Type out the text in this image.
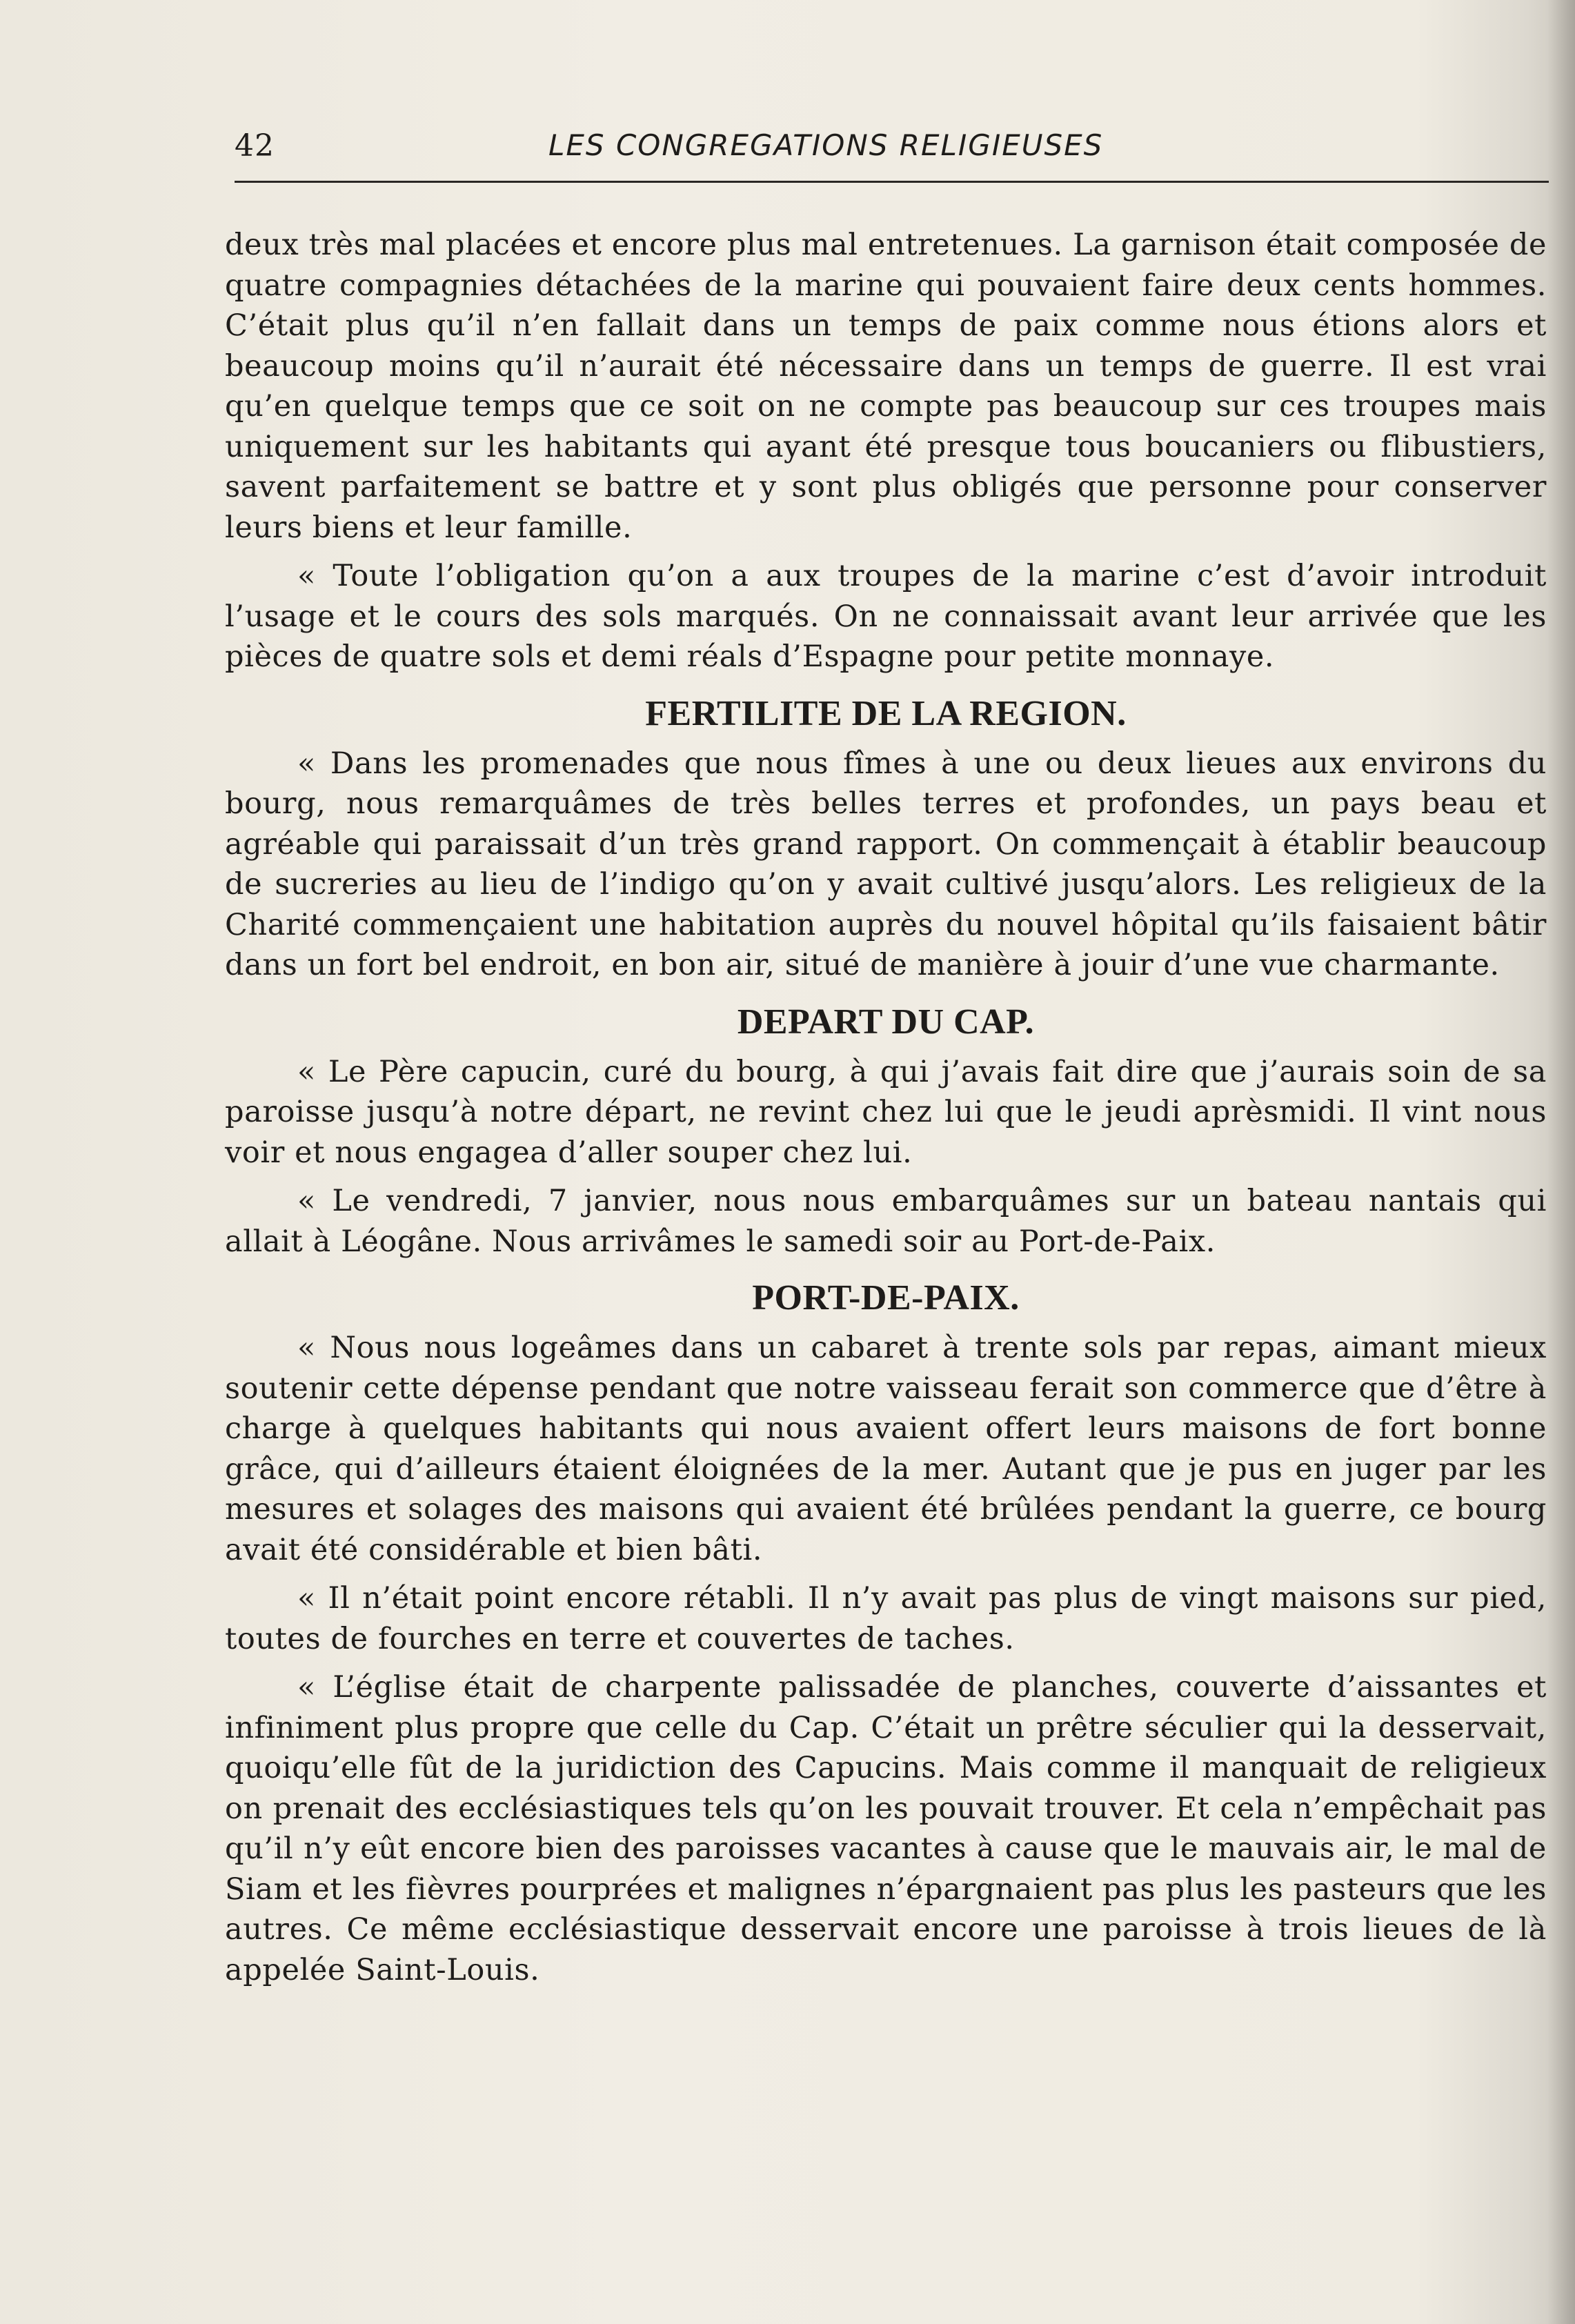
42	LES CONGREGATIONS RELIGIEUSES

deux très mal placées et encore plus mal entretenues. La garnison était composée de quatre compagnies détachées de la marine qui pouvaient faire deux cents hommes. C’était plus qu’il n’en fallait dans un temps de paix comme nous étions alors et beaucoup moins qu’il n’aurait été nécessaire dans un temps de guerre. Il est vrai qu’en quelque temps que ce soit on ne compte pas beaucoup sur ces troupes mais uniquement sur les habitants qui ayant été presque tous boucaniers ou flibustiers, savent parfaitement se battre et y sont plus obligés que personne pour conserver leurs biens et leur famille.

« Toute l’obligation qu’on a aux troupes de la marine c’est d’avoir introduit l’usage et le cours des sols marqués. On ne connaissait avant leur arrivée que les pièces de quatre sols et demi réals d’Espagne pour petite monnaye.

FERTILITE DE LA REGION.

« Dans les promenades que nous fîmes à une ou deux lieues aux environs du bourg, nous remarquâmes de très belles terres et profondes, un pays beau et agréable qui paraissait d’un très grand rapport. On commençait à établir beaucoup de sucreries au lieu de l’indigo qu’on y avait cultivé jusqu’alors. Les religieux de la Charité commençaient une habitation auprès du nouvel hôpital qu’ils faisaient bâtir dans un fort bel endroit, en bon air, situé de manière à jouir d’une vue charmante.

DEPART DU CAP.

« Le Père capucin, curé du bourg, à qui j’avais fait dire que j’aurais soin de sa paroisse jusqu’à notre départ, ne revint chez lui que le jeudi aprèsmidi. Il vint nous voir et nous engagea d’aller souper chez lui.

« Le vendredi, 7 janvier, nous nous embarquâmes sur un bateau nantais qui allait à Léogâne. Nous arrivâmes le samedi soir au Port-de-Paix.

PORT-DE-PAIX.

« Nous nous logeâmes dans un cabaret à trente sols par repas, aimant mieux soutenir cette dépense pendant que notre vaisseau ferait son commerce que d’être à charge à quelques habitants qui nous avaient offert leurs maisons de fort bonne grâce, qui d’ailleurs étaient éloignées de la mer. Autant que je pus en juger par les mesures et solages des maisons qui avaient été brûlées pendant la guerre, ce bourg avait été considérable et bien bâti.

« Il n’était point encore rétabli. Il n’y avait pas plus de vingt maisons sur pied, toutes de fourches en terre et couvertes de taches.

« L’église était de charpente palissadée de planches, couverte d’aissantes et infiniment plus propre que celle du Cap. C’était un prêtre séculier qui la desservait, quoiqu’elle fût de la juridiction des Capucins. Mais comme il manquait de religieux on prenait des ecclésiastiques tels qu’on les pouvait trouver. Et cela n’empêchait pas qu’il n’y eût encore bien des paroisses vacantes à cause que le mauvais air, le mal de Siam et les fièvres pourprées et malignes n’épargnaient pas plus les pasteurs que les autres. Ce même ecclésiastique desservait encore une paroisse à trois lieues de là appelée Saint-Louis.
